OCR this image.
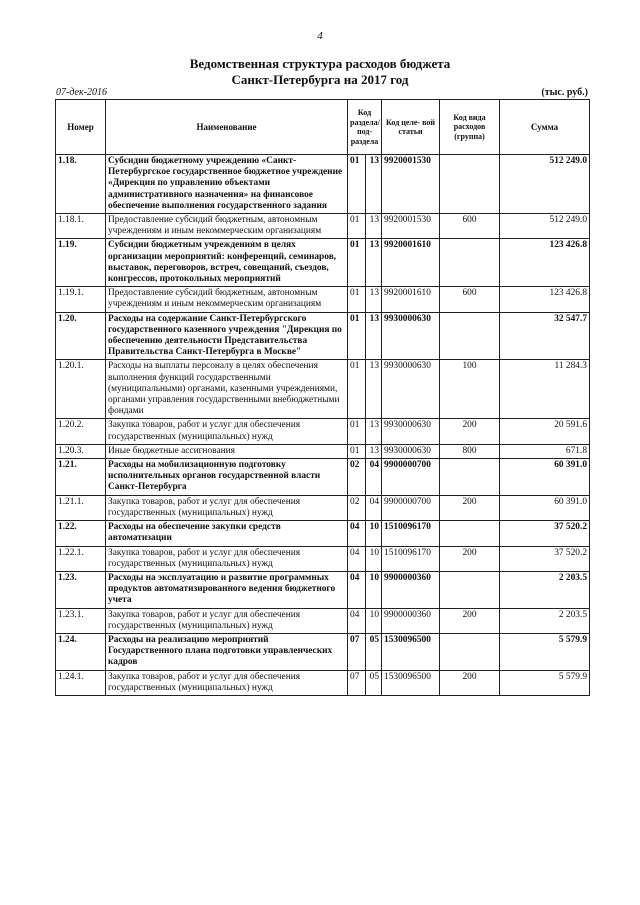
4
Ведомственная структура расходов бюджета
Санкт-Петербурга на 2017 год
07-дек-2016	(тыс. руб.)
Номер	Наименование	Код раздела/ под- раздела		Код целе- вой статьи	Код вида расходов (группа)	Сумма
1.18.	Субсидии бюджетному учреждению «Санкт-Петербургское государственное бюджетное учреждение «Дирекция по управлению объектами административного назначения» на финансовое обеспечение выполнения государственного задания	01	13	9920001530		512 249.0
1.18.1.	Предоставление субсидий бюджетным, автономным учреждениям и иным некоммерческим организациям	01	13	9920001530	600	512 249.0
1.19.	Субсидии бюджетным учреждениям в целях организации мероприятий: конференций, семинаров, выставок, переговоров, встреч, совещаний, съездов, конгрессов, протокольных мероприятий	01	13	9920001610		123 426.8
1.19.1.	Предоставление субсидий бюджетным, автономным учреждениям и иным некоммерческим организациям	01	13	9920001610	600	123 426.8
1.20.	Расходы на содержание Санкт-Петербургского государственного казенного учреждения "Дирекция по обеспечению деятельности Представительства Правительства Санкт-Петербурга в Москве"	01	13	9930000630		32 547.7
1.20.1.	Расходы на выплаты персоналу в целях обеспечения выполнения функций государственными (муниципальными) органами, казенными учреждениями, органами управления государственными внебюджетными фондами	01	13	9930000630	100	11 284.3
1.20.2.	Закупка товаров, работ и услуг для обеспечения государственных (муниципальных) нужд	01	13	9930000630	200	20 591.6
1.20.3.	Иные бюджетные ассигнования	01	13	9930000630	800	671.8
1.21.	Расходы на мобилизационную подготовку исполнительных органов государственной власти Санкт-Петербурга	02	04	9900000700		60 391.0
1.21.1.	Закупка товаров, работ и услуг для обеспечения государственных (муниципальных) нужд	02	04	9900000700	200	60 391.0
1.22.	Расходы на обеспечение закупки средств автоматизации	04	10	1510096170		37 520.2
1.22.1.	Закупка товаров, работ и услуг для обеспечения государственных (муниципальных) нужд	04	10	1510096170	200	37 520.2
1.23.	Расходы на эксплуатацию и развитие программных продуктов автоматизированного ведения бюджетного учета	04	10	9900000360		2 203.5
1.23.1.	Закупка товаров, работ и услуг для обеспечения государственных (муниципальных) нужд	04	10	9900000360	200	2 203.5
1.24.	Расходы на реализацию мероприятий Государственного плана подготовки управленческих кадров	07	05	1530096500		5 579.9
1.24.1.	Закупка товаров, работ и услуг для обеспечения государственных (муниципальных) нужд	07	05	1530096500	200	5 579.9
